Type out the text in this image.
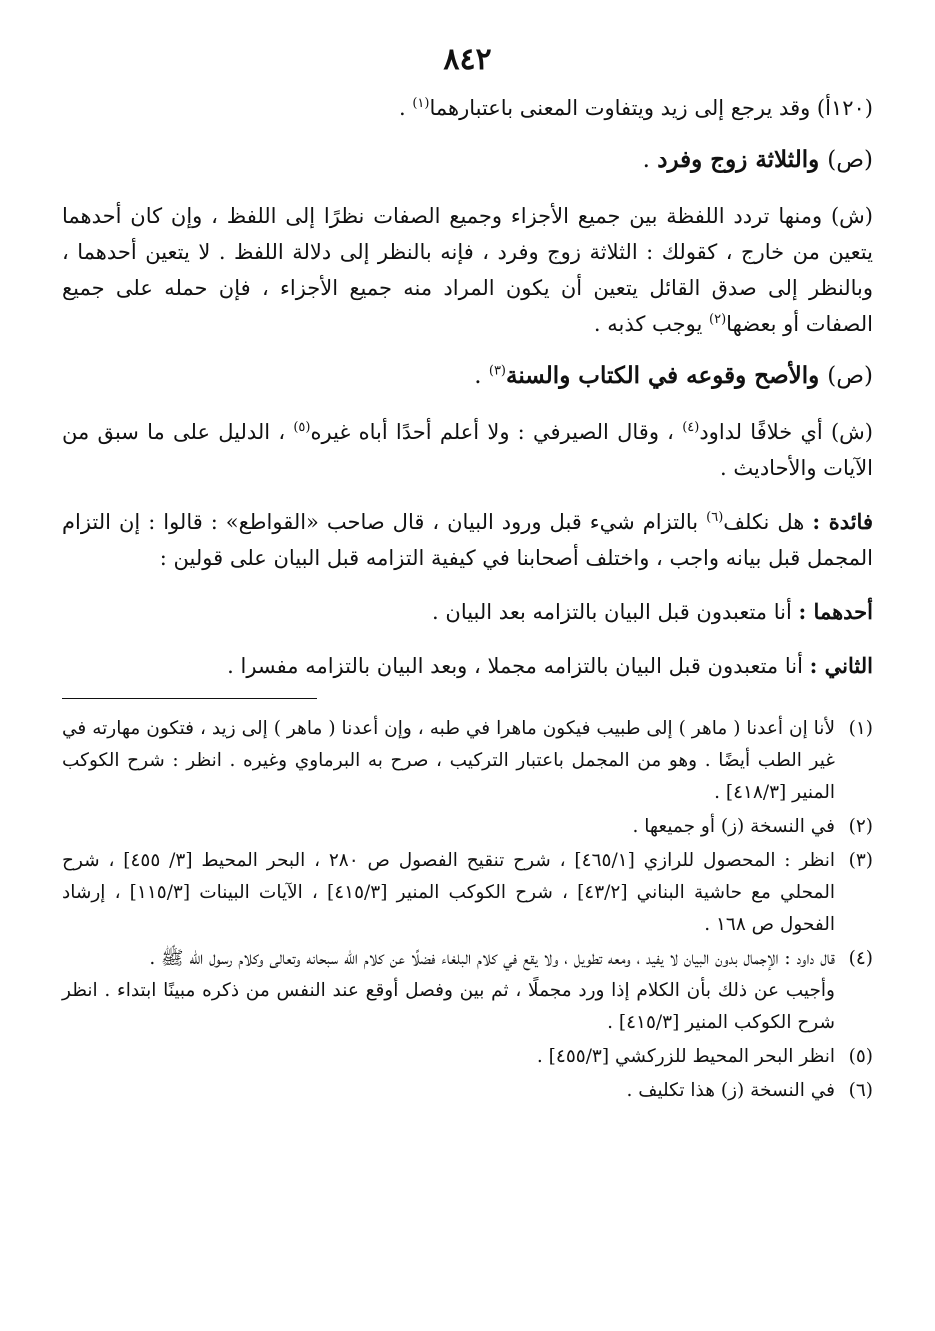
٨٤٢

(١٢٠أ) وقد يرجع إلى زيد ويتفاوت المعنى باعتبارهما$^{(١)}$ .

(ص) والثلاثة زوج وفرد .

(ش) ومنها تردد اللفظة بين جميع الأجزاء وجميع الصفات نظرًا إلى اللفظ ، وإن كان أحدهما يتعين من خارج ، كقولك : الثلاثة زوج وفرد ، فإنه بالنظر إلى دلالة اللفظ . لا يتعين أحدهما ، وبالنظر إلى صدق القائل يتعين أن يكون المراد منه جميع الأجزاء ، فإن حمله على جميع الصفات أو بعضها$^{(٢)}$ يوجب كذبه .

(ص) والأصح وقوعه في الكتاب والسنة$^{(٣)}$ .

(ش) أي خلافًا لداود$^{(٤)}$ ، وقال الصيرفي : ولا أعلم أحدًا أباه غيره$^{(٥)}$ ، الدليل على ما سبق من الآيات والأحاديث .

فائدة : هل نكلف$^{(٦)}$ بالتزام شيء قبل ورود البيان ، قال صاحب «القواطع» : قالوا : إن التزام المجمل قبل بيانه واجب ، واختلف أصحابنا في كيفية التزامه قبل البيان على قولين :

أحدهما : أنا متعبدون قبل البيان بالتزامه بعد البيان .

الثاني : أنا متعبدون قبل البيان بالتزامه مجملا ، وبعد البيان بالتزامه مفسرا .

(١)
لأنا إن أعدنا ( ماهر ) إلى طبيب فيكون ماهرا في طبه ، وإن أعدنا ( ماهر ) إلى زيد ، فتكون مهارته في غير الطب أيضًا . وهو من المجمل باعتبار التركيب ، صرح به البرماوي وغيره . انظر : شرح الكوكب المنير [٤١٨/٣] .
(٢)
في النسخة (ز) أو جميعها .
(٣)
انظر : المحصول للرازي [٤٦٥/١] ، شرح تنقيح الفصول ص ٢٨٠ ، البحر المحيط [٣/ ٤٥٥] ، شرح المحلي مع حاشية البناني [٤٣/٢] ، شرح الكوكب المنير [٤١٥/٣] ، الآيات البينات [١١٥/٣] ، إرشاد الفحول ص ١٦٨ .
(٤)
قال داود : الإجمال بدون البيان لا يفيد ، ومعه تطويل ، ولا يقع في كلام البلغاء فضلًا عن كلام الله سبحانه وتعالى وكلام رسول الله ﷺ .
وأجيب عن ذلك بأن الكلام إذا ورد مجملًا ، ثم بين وفصل أوقع عند النفس من ذكره مبينًا ابتداء . انظر شرح الكوكب المنير [٤١٥/٣] .
(٥)
انظر البحر المحيط للزركشي [٤٥٥/٣] .
(٦)
في النسخة (ز) هذا تكليف .
